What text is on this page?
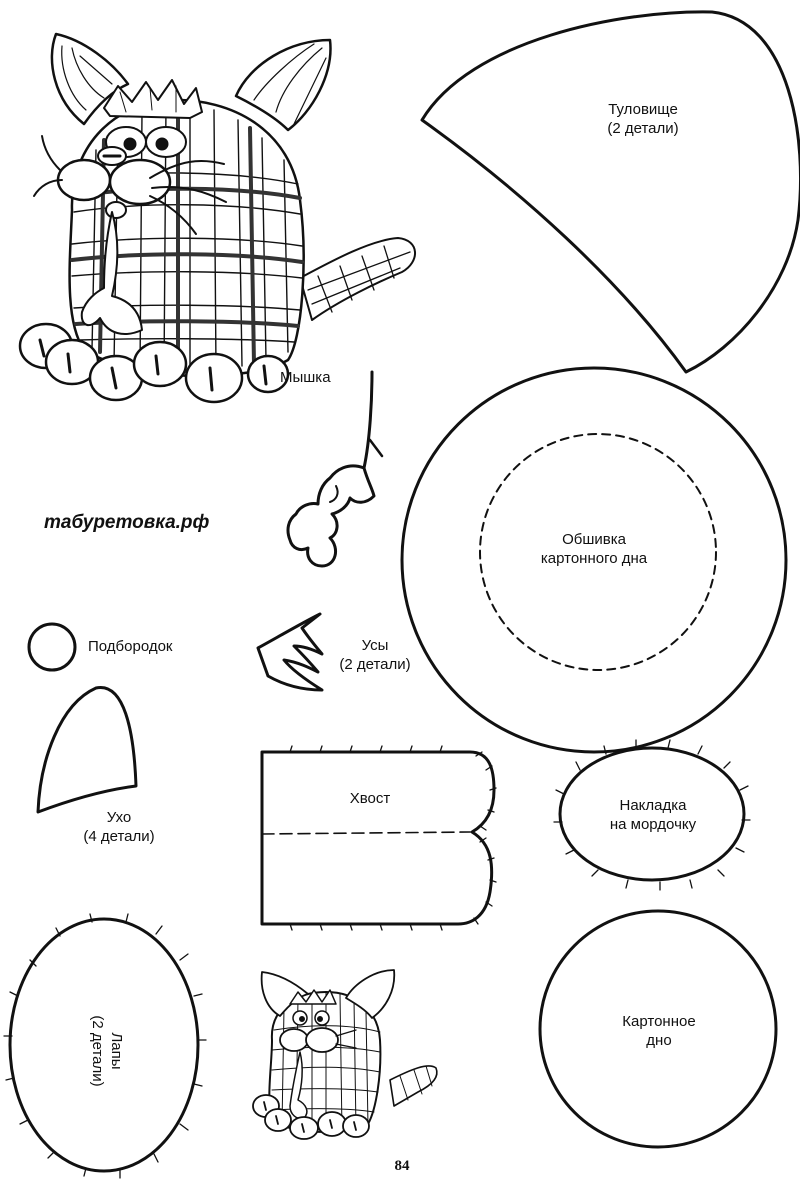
Туловище
(2 детали)
Мышка
табуретовка.рф
Обшивка
картонного дна
Подбородок	Усы
(2 детали)
Ухо
(4 детали)
Хвост	Накладка
на мордочку
Лапы
(2 детали)	Картонное
дно
84
